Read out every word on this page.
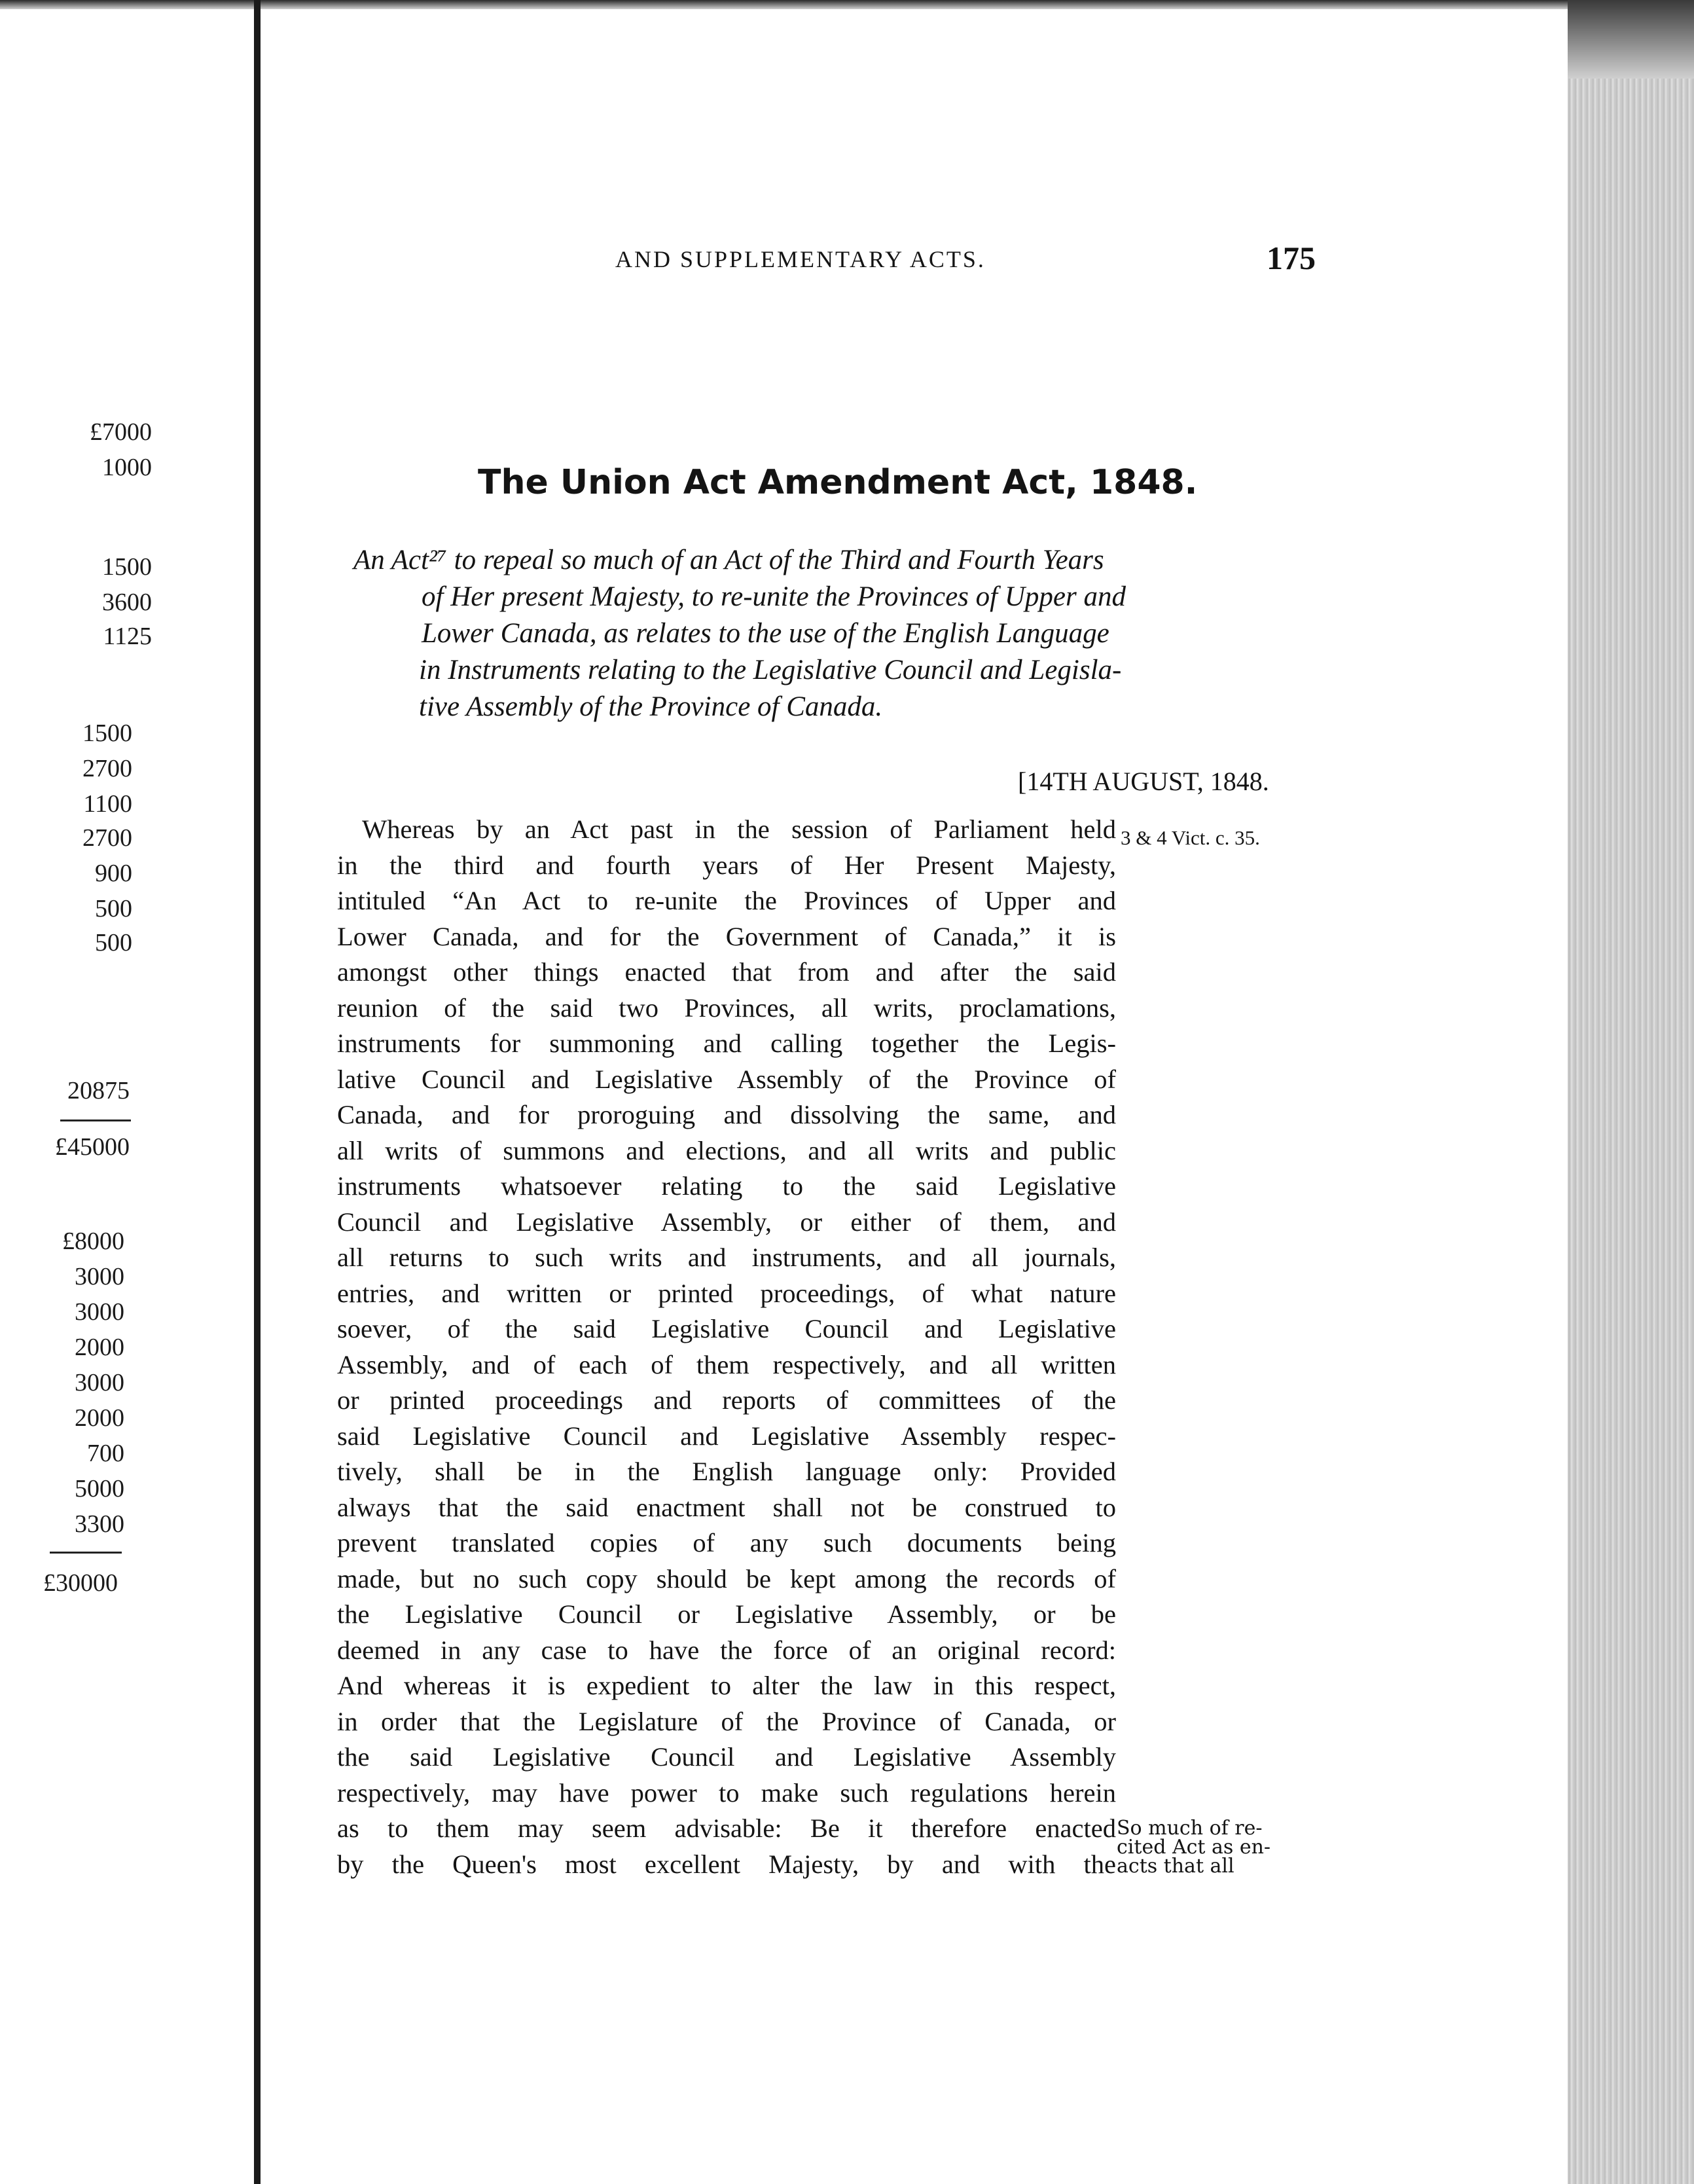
£7000
1000
1500
3600
1125
1500
2700
1100
2700
900
500
500
20875
£45000
£8000
3000
3000
2000
3000
2000
700
5000
3300
£30000
AND SUPPLEMENTARY ACTS.	175
The Union Act Amendment Act, 1848.
An Act²⁷ to repeal so much of an Act of the Third and Fourth Years
of Her present Majesty, to re-unite the Provinces of Upper and
Lower Canada, as relates to the use of the English Language
in Instruments relating to the Legislative Council and Legisla-
tive Assembly of the Province of Canada.
[14TH AUGUST, 1848.
3 & 4 Vict. c. 35.
Whereas by an Act past in the session of Parliament held
in the third and fourth years of Her Present Majesty,
intituled “An Act to re-unite the Provinces of Upper and
Lower Canada, and for the Government of Canada,” it is
amongst other things enacted that from and after the said
reunion of the said two Provinces, all writs, proclamations,
instruments for summoning and calling together the Legis-
lative Council and Legislative Assembly of the Province of
Canada, and for proroguing and dissolving the same, and
all writs of summons and elections, and all writs and public
instruments whatsoever relating to the said Legislative
Council and Legislative Assembly, or either of them, and
all returns to such writs and instruments, and all journals,
entries, and written or printed proceedings, of what nature
soever, of the said Legislative Council and Legislative
Assembly, and of each of them respectively, and all written
or printed proceedings and reports of committees of the
said Legislative Council and Legislative Assembly respec-
tively, shall be in the English language only: Provided
always that the said enactment shall not be construed to
prevent translated copies of any such documents being
made, but no such copy should be kept among the records of
the Legislative Council or Legislative Assembly, or be
deemed in any case to have the force of an original record:
And whereas it is expedient to alter the law in this respect,
in order that the Legislature of the Province of Canada, or
the said Legislative Council and Legislative Assembly
respectively, may have power to make such regulations herein
as to them may seem advisable: Be it therefore enacted
by the Queen's most excellent Majesty, by and with the
So much of re-
cited Act as en-
acts that all
